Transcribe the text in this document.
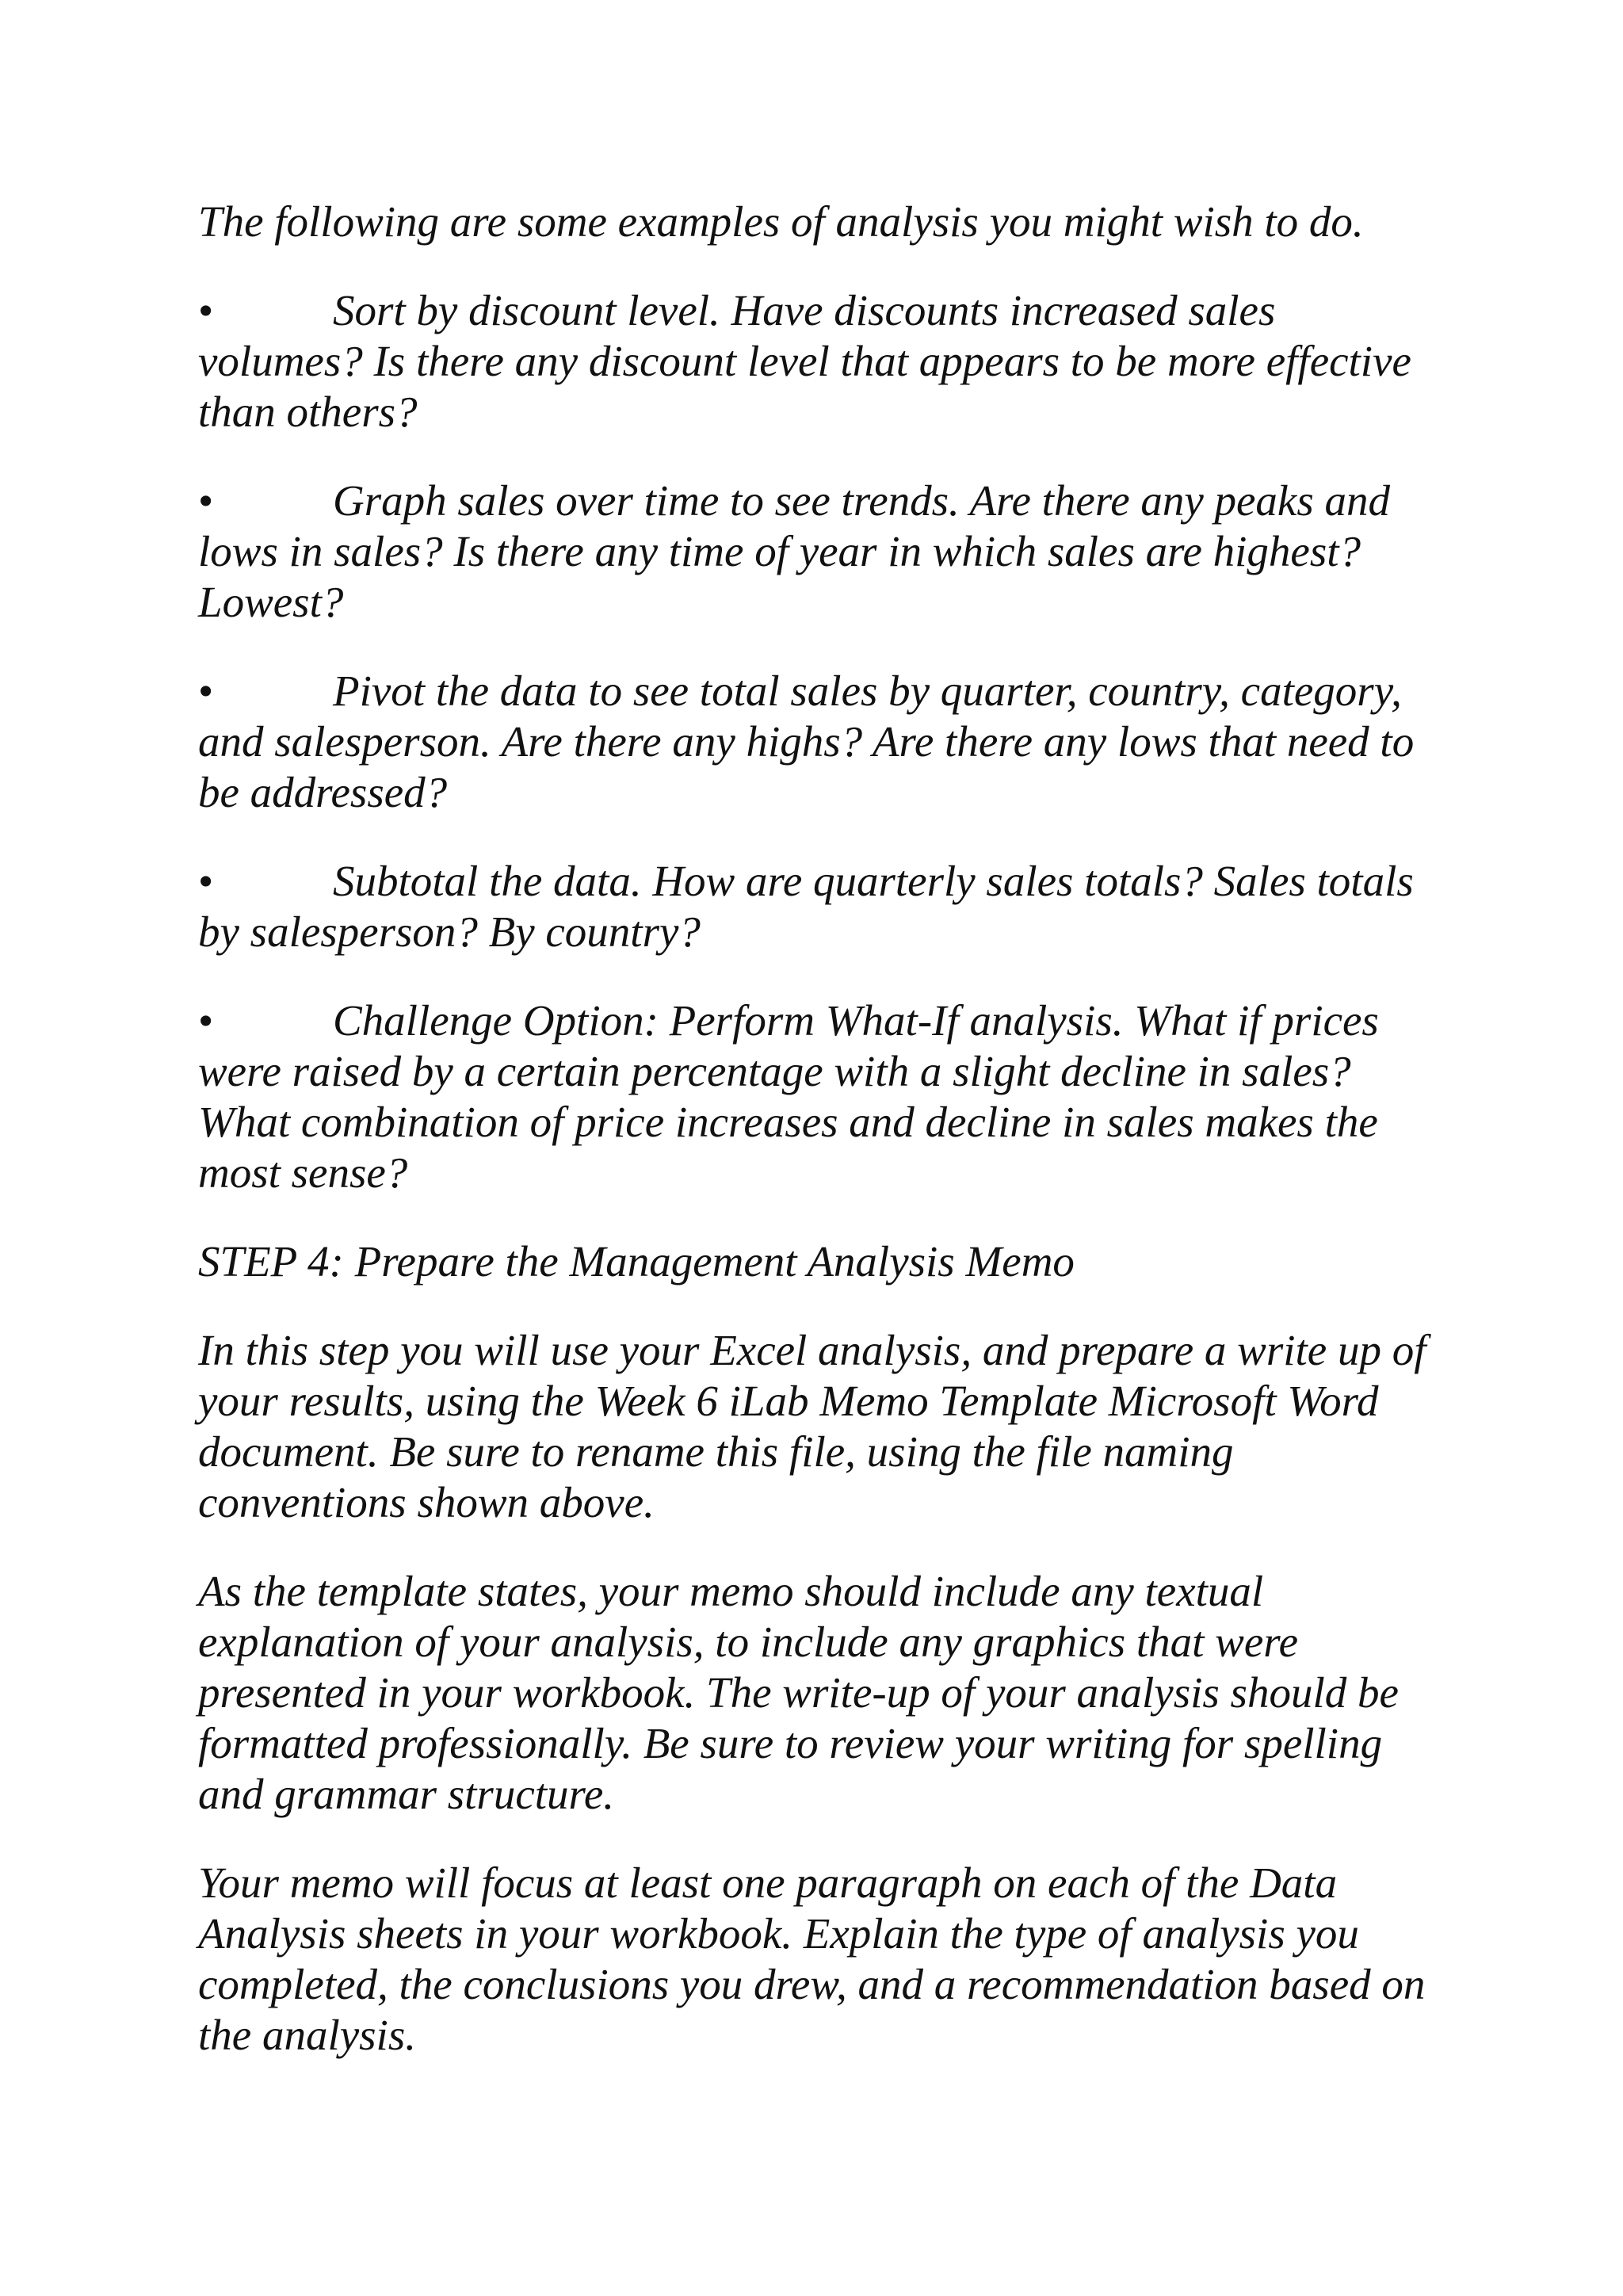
The following are some examples of analysis you might wish to do.

•	Sort by discount level. Have discounts increased sales volumes? Is there any discount level that appears to be more effective than others?
•	Graph sales over time to see trends. Are there any peaks and lows in sales? Is there any time of year in which sales are highest? Lowest?
•	Pivot the data to see total sales by quarter, country, category, and salesperson. Are there any highs? Are there any lows that need to be addressed?
•	Subtotal the data. How are quarterly sales totals? Sales totals by salesperson? By country?
•	Challenge Option: Perform What-If analysis. What if prices were raised by a certain percentage with a slight decline in sales? What combination of price increases and decline in sales makes the most sense?

STEP 4: Prepare the Management Analysis Memo

In this step you will use your Excel analysis, and prepare a write up of your results, using the Week 6 iLab Memo Template Microsoft Word document. Be sure to rename this file, using the file naming conventions shown above.

As the template states, your memo should include any textual explanation of your analysis, to include any graphics that were presented in your workbook. The write-up of your analysis should be formatted professionally. Be sure to review your writing for spelling and grammar structure.

Your memo will focus at least one paragraph on each of the Data Analysis sheets in your workbook. Explain the type of analysis you completed, the conclusions you drew, and a recommendation based on the analysis.
